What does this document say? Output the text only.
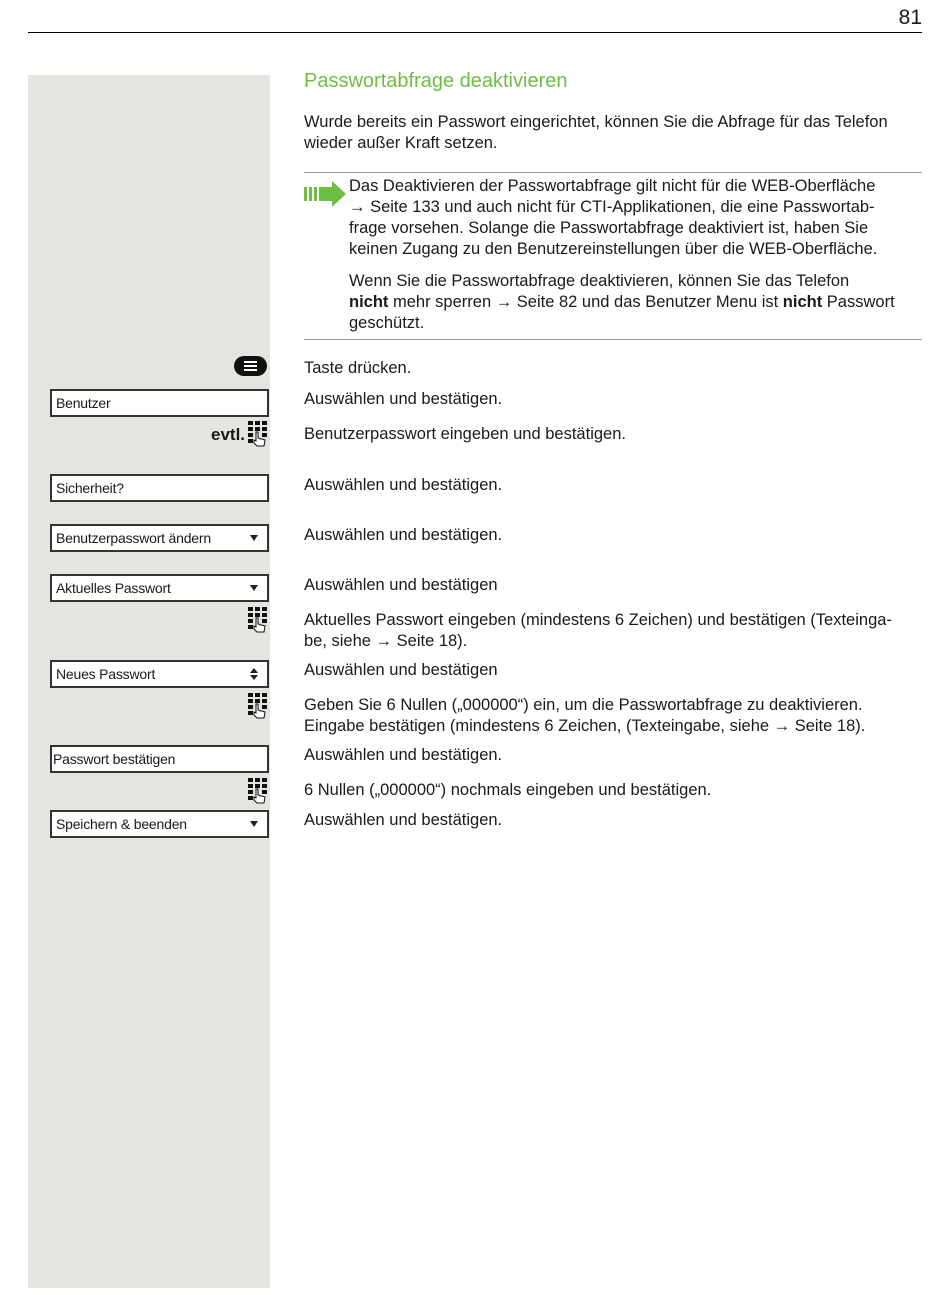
81
Passwortabfrage deaktivieren

Wurde bereits ein Passwort eingerichtet, können Sie die Abfrage für das Telefon

wieder außer Kraft setzen.

Das Deaktivieren der Passwortabfrage gilt nicht für die WEB-Oberfläche

→ Seite 133 und auch nicht für CTI-Applikationen, die eine Passwortab-

frage vorsehen. Solange die Passwortabfrage deaktiviert ist, haben Sie

keinen Zugang zu den Benutzereinstellungen über die WEB-Oberfläche.

Wenn Sie die Passwortabfrage deaktivieren, können Sie das Telefon

nicht mehr sperren → Seite 82 und das Benutzer Menu ist nicht Passwort

geschützt.

Benutzer
evtl.
Sicherheit?
Benutzerpasswort ändern
Aktuelles Passwort
Neues Passwort
Passwort bestätigen
Speichern & beenden

Taste drücken.

Auswählen und bestätigen.

Benutzerpasswort eingeben und bestätigen.

Auswählen und bestätigen.

Auswählen und bestätigen.

Auswählen und bestätigen

Aktuelles Passwort eingeben (mindestens 6 Zeichen) und bestätigen (Texteinga-

be, siehe → Seite 18).

Auswählen und bestätigen

Geben Sie 6 Nullen („000000“) ein, um die Passwortabfrage zu deaktivieren.

Eingabe bestätigen (mindestens 6 Zeichen, (Texteingabe, siehe → Seite 18).

Auswählen und bestätigen.

6 Nullen („000000“) nochmals eingeben und bestätigen.

Auswählen und bestätigen.
